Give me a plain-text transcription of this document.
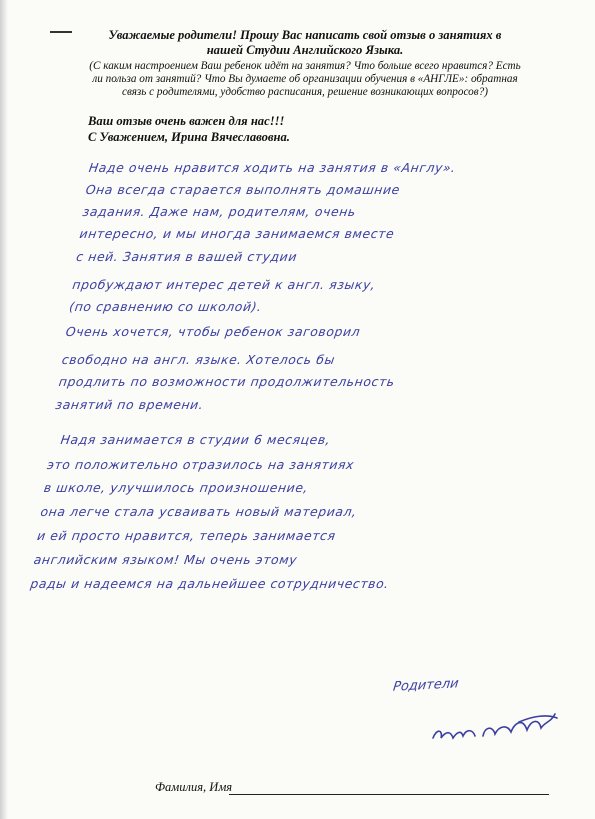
Уважаемые родители! Прошу Вас написать свой отзыв о занятиях в
нашей Студии Английского Языка.
(С каким настроением Ваш ребенок идёт на занятия? Что больше всего нравится? Есть
ли польза от занятий? Что Вы думаете об организации обучения в «АНГЛЕ»: обратная
связь с родителями, удобство расписания, решение возникающих вопросов?)
Ваш отзыв очень важен для нас!!!
С Уважением, Ирина Вячеславовна.
Наде очень нравится ходить на занятия в «Англу».
Она всегда старается выполнять домашние
задания. Даже нам, родителям, очень
интересно, и мы иногда занимаемся вместе
с ней. Занятия в вашей студии
пробуждают интерес детей к англ. языку,
(по сравнению со школой).
Очень хочется, чтобы ребенок заговорил
свободно на англ. языке. Хотелось бы
продлить по возможности продолжительность
занятий по времени.
Надя занимается в студии 6 месяцев,
это положительно отразилось на занятиях
в школе, улучшилось произношение,
она легче стала усваивать новый материал,
и ей просто нравится, теперь занимается
английским языком! Мы очень этому
рады и надеемся на дальнейшее сотрудничество.
Родители
Фамилия, Имя
